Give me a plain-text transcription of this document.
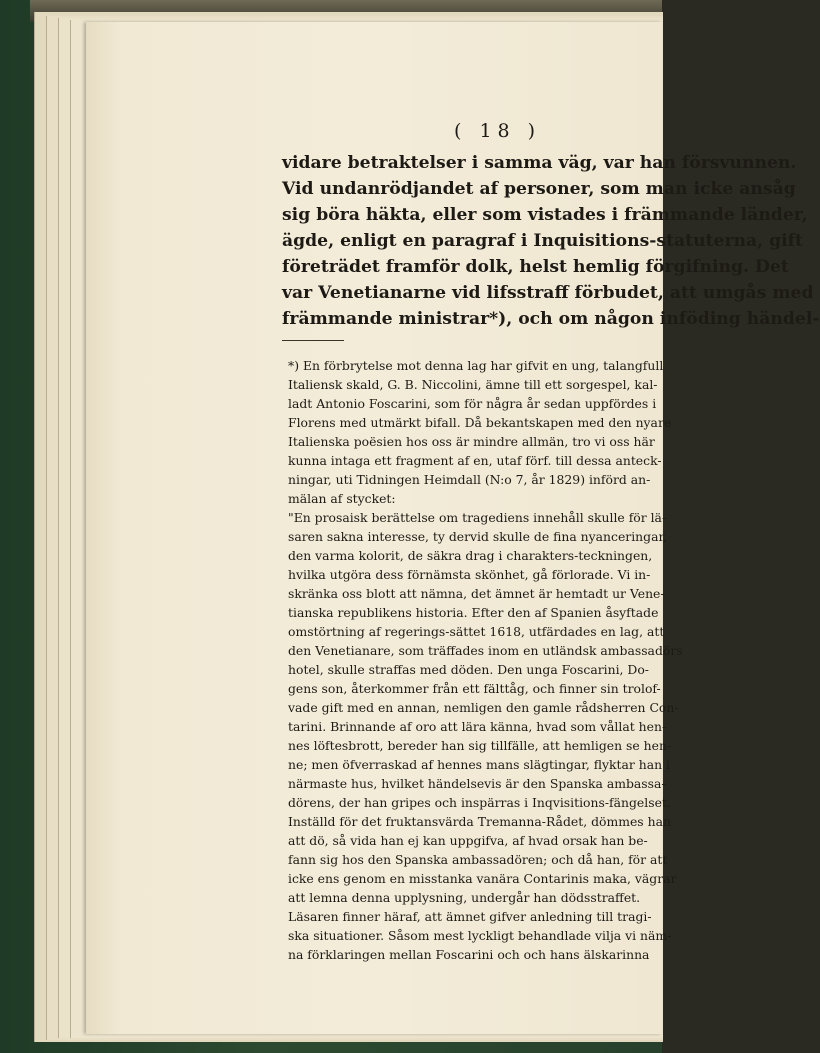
( 18 )
vidare betraktelser i samma väg, var han försvunnen.
Vid undanrödjandet af personer, som man icke ansåg
sig böra häkta, eller som vistades i främmande länder,
ägde, enligt en paragraf i Inquisitions-statuterna, gift
företrädet framför dolk, helst hemlig förgifning. Det
var Venetianarne vid lifsstraff förbudet, att umgås med
främmande ministrar*), och om någon inföding händel-
*) En förbrytelse mot denna lag har gifvit en ung, talangfull
Italiensk skald, G. B. Niccolini, ämne till ett sorgespel, kal-
ladt Antonio Foscarini, som för några år sedan uppfördes i
Florens med utmärkt bifall. Då bekantskapen med den nyare
Italienska poësien hos oss är mindre allmän, tro vi oss här
kunna intaga ett fragment af en, utaf förf. till dessa anteck-
ningar, uti Tidningen Heimdall (N:o 7, år 1829) införd an-
mälan af stycket:
"En prosaisk berättelse om tragediens innehåll skulle för lä-
saren sakna interesse, ty dervid skulle de fina nyanceringar,
den varma kolorit, de säkra drag i charakters-teckningen,
hvilka utgöra dess förnämsta skönhet, gå förlorade. Vi in-
skränka oss blott att nämna, det ämnet är hemtadt ur Vene-
tianska republikens historia. Efter den af Spanien åsyftade
omstörtning af regerings-sättet 1618, utfärdades en lag, att
den Venetianare, som träffades inom en utländsk ambassadörs
hotel, skulle straffas med döden. Den unga Foscarini, Do-
gens son, återkommer från ett fälttåg, och finner sin trolof-
vade gift med en annan, nemligen den gamle rådsherren Con-
tarini. Brinnande af oro att lära känna, hvad som vållat hen-
nes löftesbrott, bereder han sig tillfälle, att hemligen se hen-
ne; men öfverraskad af hennes mans slägtingar, flyktar han i
närmaste hus, hvilket händelsevis är den Spanska ambassa-
dörens, der han gripes och inspärras i Inqvisitions-fängelset.
Inställd för det fruktansvärda Tremanna-Rådet, dömmes han
att dö, så vida han ej kan uppgifva, af hvad orsak han be-
fann sig hos den Spanska ambassadören; och då han, för att
icke ens genom en misstanka vanära Contarinis maka, vägrar
att lemna denna upplysning, undergår han dödsstraffet.
Läsaren finner häraf, att ämnet gifver anledning till tragi-
ska situationer. Såsom mest lyckligt behandlade vilja vi näm-
na förklaringen mellan Foscarini och och hans älskarinna
